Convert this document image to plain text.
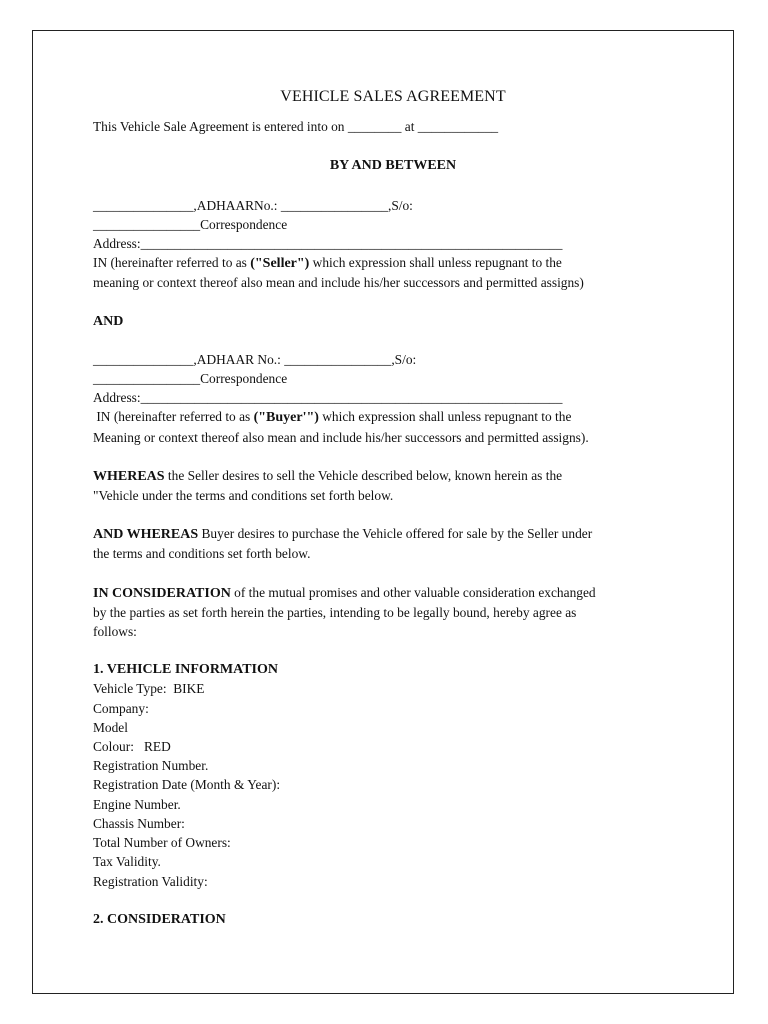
VEHICLE SALES AGREEMENT

This Vehicle Sale Agreement is entered into on ________ at ____________

BY AND BETWEEN

_______________,ADHAARNo.: ________________,S/o:

________________Correspondence

Address:_______________________________________________________________

IN (hereinafter referred to as ("Seller") which expression shall unless repugnant to the

meaning or context thereof also mean and include his/her successors and permitted assigns)

AND

_______________,ADHAAR No.: ________________,S/o:

________________Correspondence

Address:_______________________________________________________________

IN (hereinafter referred to as ("Buyer'") which expression shall unless repugnant to the

Meaning or context thereof also mean and include his/her successors and permitted assigns).

WHEREAS the Seller desires to sell the Vehicle described below, known herein as the

"Vehicle under the terms and conditions set forth below.

AND WHEREAS Buyer desires to purchase the Vehicle offered for sale by the Seller under

the terms and conditions set forth below.

IN CONSIDERATION of the mutual promises and other valuable consideration exchanged

by the parties as set forth herein the parties, intending to be legally bound, hereby agree as

follows:

1. VEHICLE INFORMATION

Vehicle Type:  BIKE

Company:

Model

Colour:   RED

Registration Number.

Registration Date (Month & Year):

Engine Number.

Chassis Number:

Total Number of Owners:

Tax Validity.

Registration Validity:

2. CONSIDERATION
